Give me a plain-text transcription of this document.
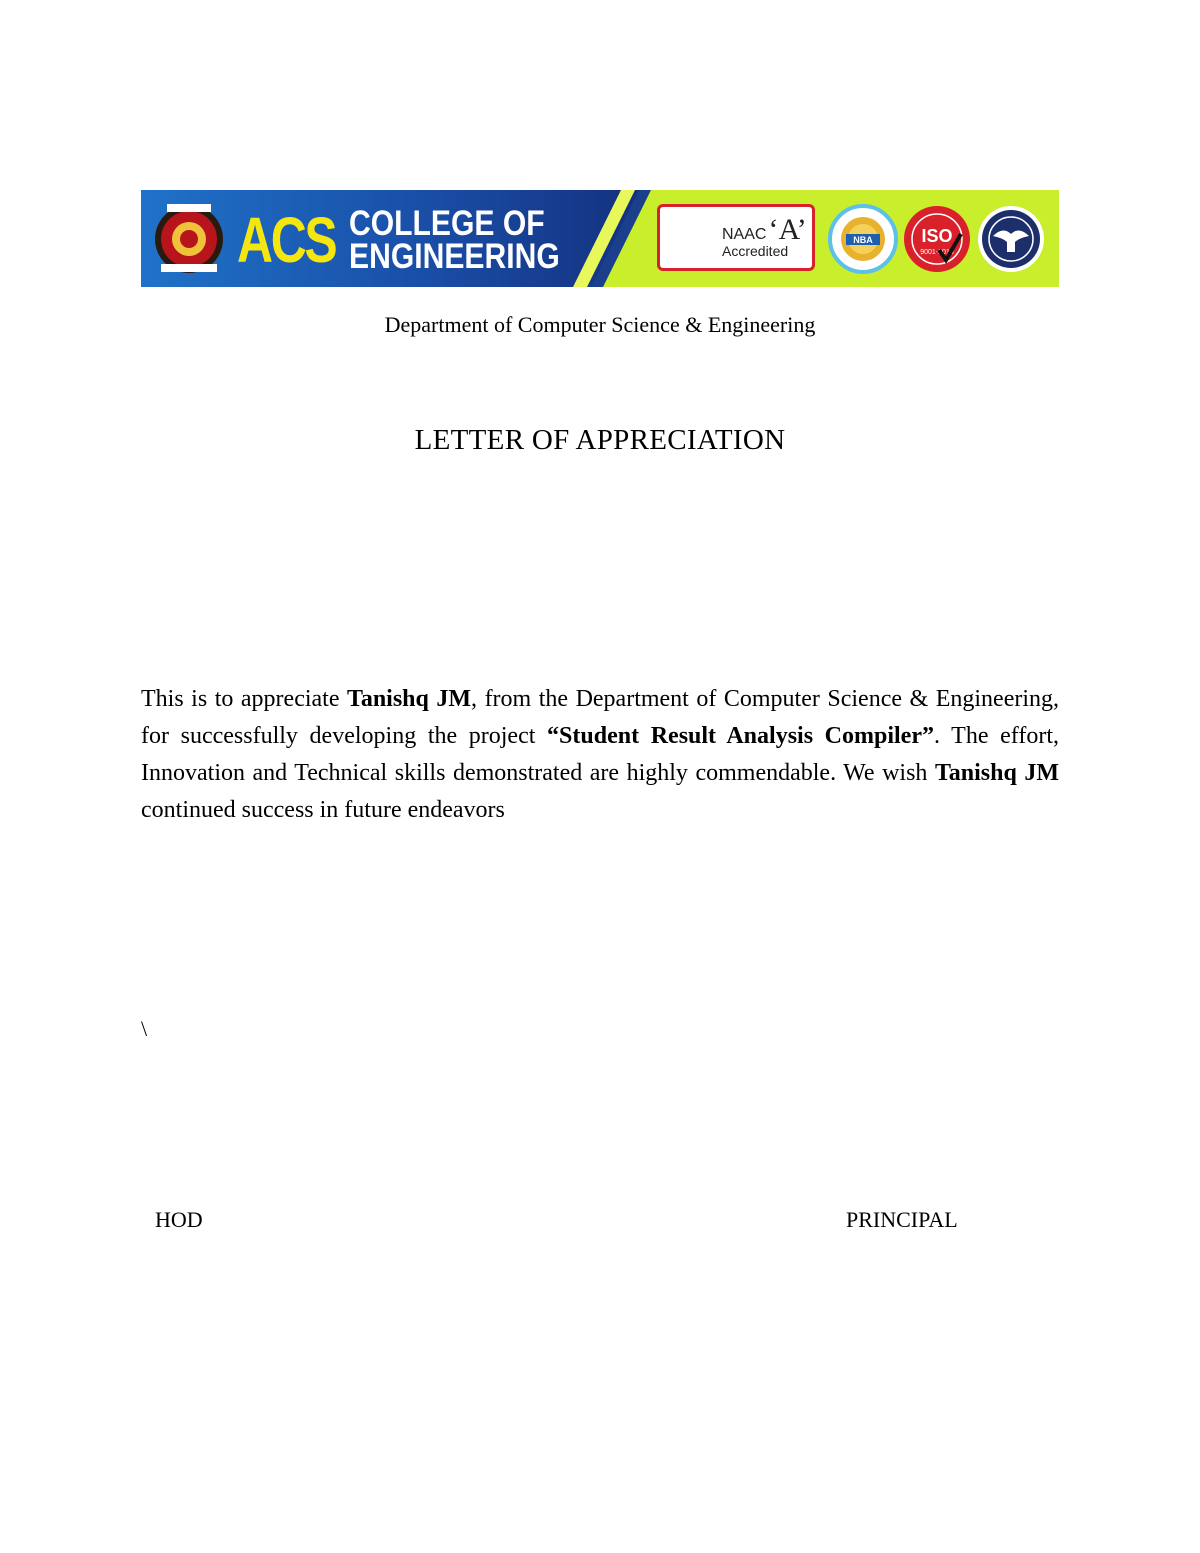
NBA	ISO
9001-2015
ACS COLLEGE OF
ENGINEERING
NAAC‘A’
Accredited
Department of Computer Science & Engineering
LETTER OF APPRECIATION

This is to appreciate Tanishq JM, from the Department of Computer Science & Engineering, for successfully developing the project “Student Result Analysis Compiler”. The effort, Innovation and Technical skills demonstrated are highly commendable. We wish Tanishq JM continued success in future endeavors

\
HOD	PRINCIPAL
